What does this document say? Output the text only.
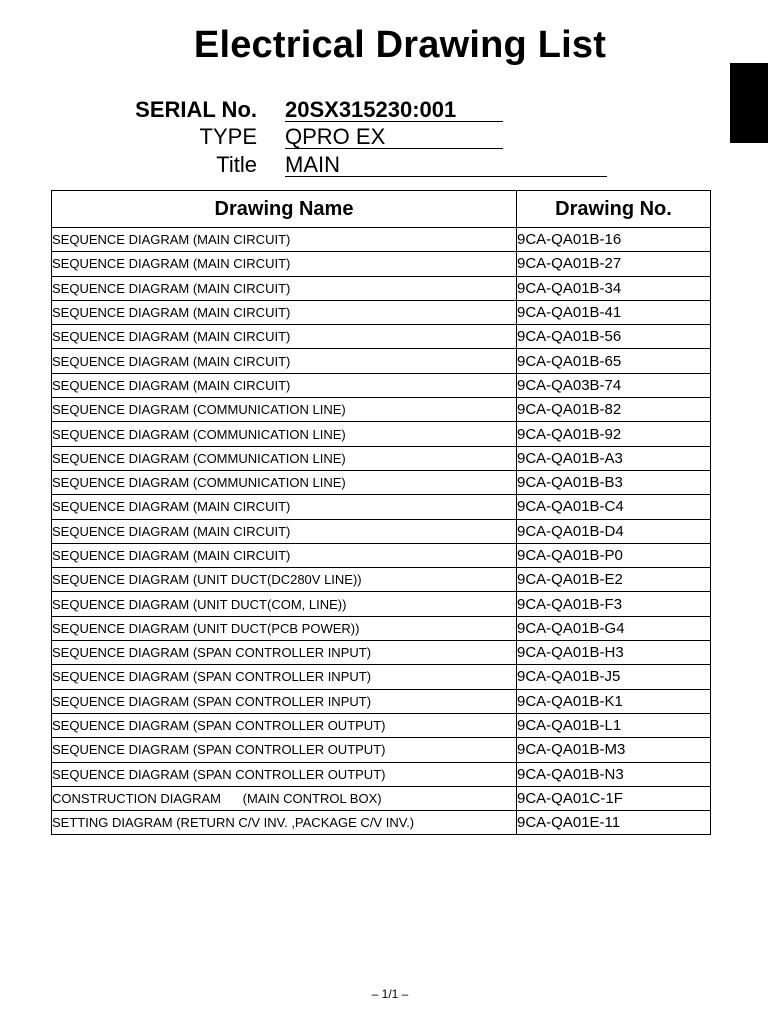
Electrical Drawing List
SERIAL No. 20SX315230:001
TYPE QPRO EX
Title MAIN
Drawing Name	Drawing No.
SEQUENCE DIAGRAM (MAIN CIRCUIT)	9CA-QA01B-16
SEQUENCE DIAGRAM (MAIN CIRCUIT)	9CA-QA01B-27
SEQUENCE DIAGRAM (MAIN CIRCUIT)	9CA-QA01B-34
SEQUENCE DIAGRAM (MAIN CIRCUIT)	9CA-QA01B-41
SEQUENCE DIAGRAM (MAIN CIRCUIT)	9CA-QA01B-56
SEQUENCE DIAGRAM (MAIN CIRCUIT)	9CA-QA01B-65
SEQUENCE DIAGRAM (MAIN CIRCUIT)	9CA-QA03B-74
SEQUENCE DIAGRAM (COMMUNICATION LINE)	9CA-QA01B-82
SEQUENCE DIAGRAM (COMMUNICATION LINE)	9CA-QA01B-92
SEQUENCE DIAGRAM (COMMUNICATION LINE)	9CA-QA01B-A3
SEQUENCE DIAGRAM (COMMUNICATION LINE)	9CA-QA01B-B3
SEQUENCE DIAGRAM (MAIN CIRCUIT)	9CA-QA01B-C4
SEQUENCE DIAGRAM (MAIN CIRCUIT)	9CA-QA01B-D4
SEQUENCE DIAGRAM (MAIN CIRCUIT)	9CA-QA01B-P0
SEQUENCE DIAGRAM (UNIT DUCT(DC280V LINE))	9CA-QA01B-E2
SEQUENCE DIAGRAM (UNIT DUCT(COM, LINE))	9CA-QA01B-F3
SEQUENCE DIAGRAM (UNIT DUCT(PCB POWER))	9CA-QA01B-G4
SEQUENCE DIAGRAM (SPAN CONTROLLER INPUT)	9CA-QA01B-H3
SEQUENCE DIAGRAM (SPAN CONTROLLER INPUT)	9CA-QA01B-J5
SEQUENCE DIAGRAM (SPAN CONTROLLER INPUT)	9CA-QA01B-K1
SEQUENCE DIAGRAM (SPAN CONTROLLER OUTPUT)	9CA-QA01B-L1
SEQUENCE DIAGRAM (SPAN CONTROLLER OUTPUT)	9CA-QA01B-M3
SEQUENCE DIAGRAM (SPAN CONTROLLER OUTPUT)	9CA-QA01B-N3
CONSTRUCTION DIAGRAM      (MAIN CONTROL BOX)	9CA-QA01C-1F
SETTING DIAGRAM (RETURN C/V INV. ,PACKAGE C/V INV.)	9CA-QA01E-11
– 1/1 –
